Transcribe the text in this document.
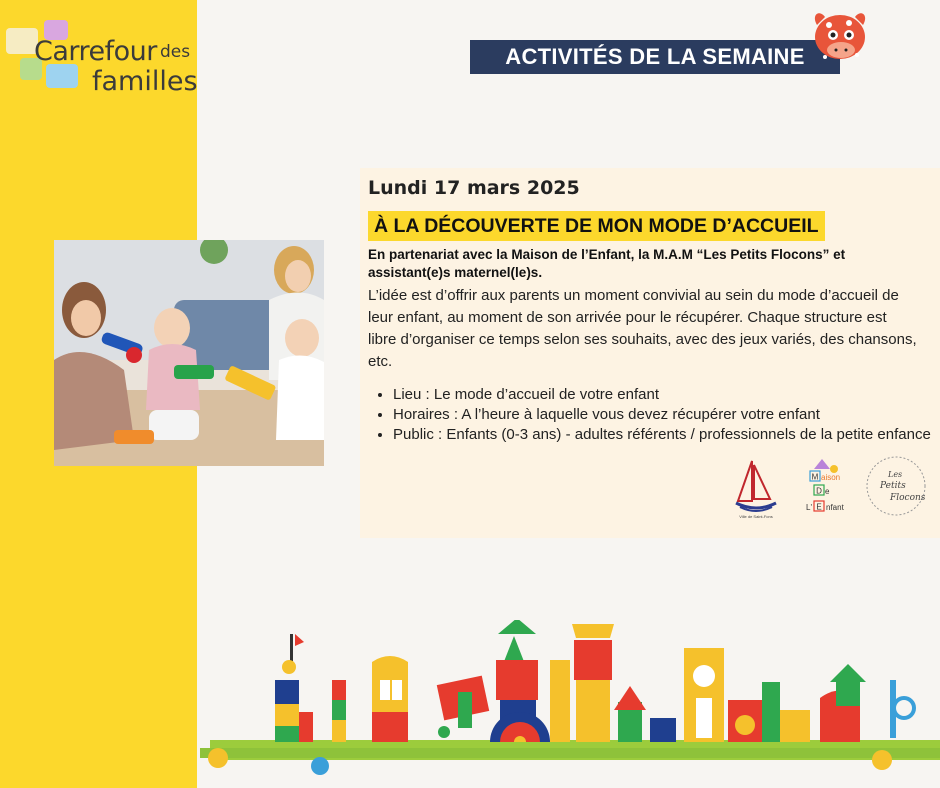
Carrefour des
familles
ACTIVITÉS DE LA SEMAINE
Lundi 17 mars 2025
À LA DÉCOUVERTE DE MON MODE D’ACCUEIL
En partenariat avec la Maison de l’Enfant, la M.A.M “Les Petits Flocons” et assistant(e)s maternel(le)s.
L’idée est d’offrir aux parents un moment convivial au sein du mode d’accueil de leur enfant, au moment de son arrivée pour le récupérer. Chaque structure est libre d’organiser ce temps selon ses souhaits, avec des jeux variés, des chansons, etc.
• Lieu : Le mode d’accueil de votre enfant
• Horaires : A l’heure à laquelle vous devez récupérer votre enfant
• Public : Enfants (0-3 ans) - adultes référents / professionnels de la petite enfance
Ville de Saint-Fons
M aison
D e
L' E nfant
Les
Petits
Flocons
